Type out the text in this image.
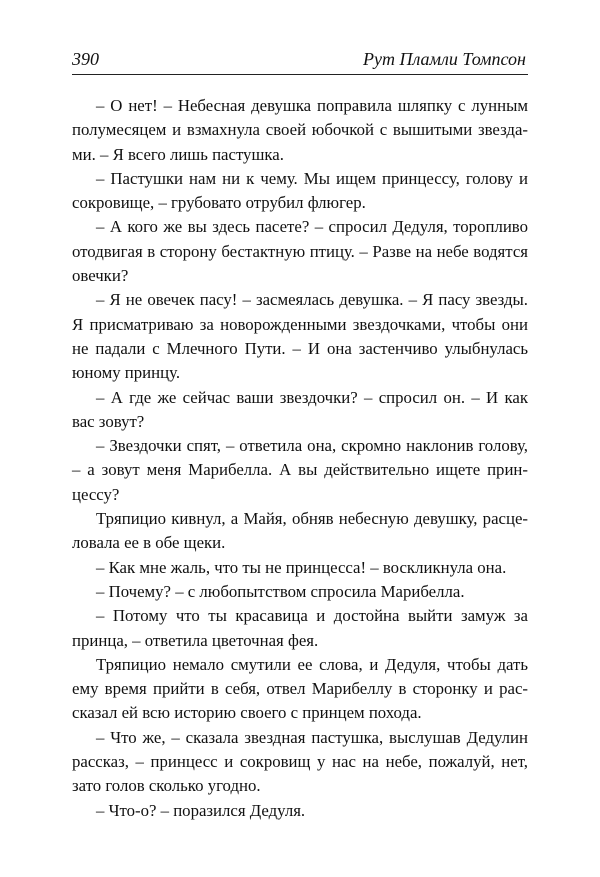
390	Рут Пламли Томпсон

– О нет! – Небесная девушка поправила шляпку с лунным полумесяцем и взмахнула своей юбочкой с вышитыми звездами. – Я всего лишь пастушка.

– Пастушки нам ни к чему. Мы ищем принцессу, голову и сокровище, – грубовато отрубил флюгер.

– А кого же вы здесь пасете? – спросил Дедуля, торопливо отодвигая в сторону бестактную птицу. – Разве на небе водятся овечки?

– Я не овечек пасу! – засмеялась девушка. – Я пасу звезды. Я присматриваю за новорожденными звездочками, чтобы они не падали с Млечного Пути. – И она застенчиво улыбнулась юному принцу.

– А где же сейчас ваши звездочки? – спросил он. – И как вас зовут?

– Звездочки спят, – ответила она, скромно наклонив голову, – а зовут меня Марибелла. А вы действительно ищете принцессу?

Тряпицио кивнул, а Майя, обняв небесную девушку, расцеловала ее в обе щеки.

– Как мне жаль, что ты не принцесса! – воскликнула она.

– Почему? – с любопытством спросила Марибелла.

– Потому что ты красавица и достойна выйти замуж за принца, – ответила цветочная фея.

Тряпицио немало смутили ее слова, и Дедуля, чтобы дать ему время прийти в себя, отвел Марибеллу в сторонку и рассказал ей всю историю своего с принцем похода.

– Что же, – сказала звездная пастушка, выслушав Дедулин рассказ, – принцесс и сокровищ у нас на небе, пожалуй, нет, зато голов сколько угодно.

– Что-о? – поразился Дедуля.
